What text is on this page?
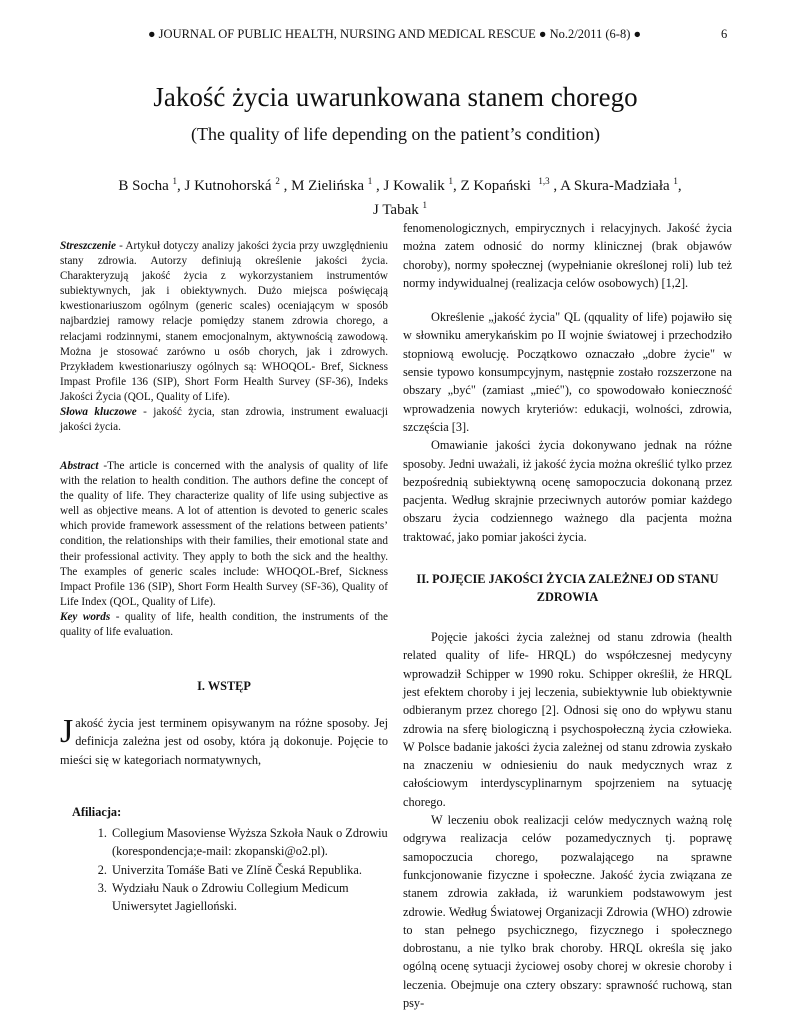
● JOURNAL OF PUBLIC HEALTH, NURSING AND MEDICAL RESCUE ● No.2/2011 (6-8) ●	6
Jakość życia uwarunkowana stanem chorego
(The quality of life depending on the patient’s condition)
B Socha $^1$, J Kutnohorská $^2$ , M Zielińska $^1$ , J Kowalik $^1$, Z Kopański $^{1,3}$ , A Skura-Madziała $^1$,
J Tabak $^1$

Streszczenie - Artykuł dotyczy analizy jakości życia przy uwzględnieniu stany zdrowia. Autorzy definiują określenie jakości życia. Charakteryzują jakość życia z wykorzystaniem instrumentów subiektywnych, jak i obiektywnych. Dużo miejsca poświęcają kwestionariuszom ogólnym (generic scales) oceniającym w sposób najbardziej ramowy relacje pomiędzy stanem zdrowia chorego, a relacjami rodzinnymi, stanem emocjonalnym, aktywnością zawodową. Można je stosować zarówno u osób chorych, jak i zdrowych. Przykładem kwestionariuszy ogólnych są: WHOQOL- Bref, Sickness Impast Profile 136 (SIP), Short Form Health Survey (SF-36), Indeks Jakości Życia (QOL, Quality of Life).

Słowa kluczowe - jakość życia, stan zdrowia, instrument ewaluacji jakości życia.

Abstract -The article is concerned with the analysis of quality of life with the relation to health condition. The authors define the concept of the quality of life. They characterize quality of life using subjective as well as objective means. A lot of attention is devoted to generic scales which provide framework assessment of the relations between patients’ condition, the relationships with their families, their emotional state and their professional activity. They apply to both the sick and the healthy. The examples of generic scales include: WHOQOL-Bref, Sickness Impact Profile 136 (SIP), Short Form Health Survey (SF-36), Quality of Life Index (QOL, Quality of Life).

Key words - quality of life, health condition, the instruments of the quality of life evaluation.

I. WSTĘP
Jakość życia jest terminem opisywanym na różne sposoby. Jej definicja zależna jest od osoby, która ją dokonuje. Pojęcie to mieści się w kategoriach normatywnych,
Afiliacja:
1. Collegium Masoviense Wyższa Szkoła Nauk o Zdrowiu (korespondencja;e-mail: zkopanski@o2.pl).
2. Univerzita Tomáše Bati ve Zlíně Česká Republika.
3. Wydziału Nauk o Zdrowiu Collegium Medicum Uniwersytet Jagielloński.

fenomenologicznych, empirycznych i relacyjnych. Jakość życia można zatem odnosić do normy klinicznej (brak objawów choroby), normy społecznej (wypełnianie określonej roli) lub też normy indywidualnej (realizacja celów osobowych) [1,2].

Określenie „jakość życia" QL (qquality of life) pojawiło się w słowniku amerykańskim po II wojnie światowej i przechodziło stopniową ewolucję. Początkowo oznaczało „dobre życie" w sensie typowo konsumpcyjnym, następnie zostało rozszerzone na obszary „być" (zamiast „mieć"), co spowodowało konieczność wprowadzenia nowych kryteriów: edukacji, wolności, zdrowia, szczęścia [3].

Omawianie jakości życia dokonywano jednak na różne sposoby. Jedni uważali, iż jakość życia można określić tylko przez bezpośrednią subiektywną ocenę samopoczucia dokonaną przez pacjenta. Według skrajnie przeciwnych autorów pomiar każdego obszaru życia codziennego ważnego dla pacjenta można traktować, jako pomiar jakości życia.

II. POJĘCIE JAKOŚCI ŻYCIA ZALEŻNEJ OD STANU ZDROWIA

Pojęcie jakości życia zależnej od stanu zdrowia (health related quality of life- HRQL) do współczesnej medycyny wprowadził Schipper w 1990 roku. Schipper określił, że HRQL jest efektem choroby i jej leczenia, subiektywnie lub obiektywnie odbieranym przez chorego [2]. Odnosi się ono do wpływu stanu zdrowia na sferę biologiczną i psychospołeczną życia człowieka. W Polsce badanie jakości życia zależnej od stanu zdrowia zyskało na znaczeniu w odniesieniu do nauk medycznych wraz z całościowym interdyscyplinarnym spojrzeniem na sytuację chorego.

W leczeniu obok realizacji celów medycznych ważną rolę odgrywa realizacja celów pozamedycznych tj. poprawę samopoczucia chorego, pozwalającego na sprawne funkcjonowanie fizyczne i społeczne. Jakość życia związana ze stanem zdrowia zakłada, iż warunkiem podstawowym jest zdrowie. Według Światowej Organizacji Zdrowia (WHO) zdrowie to stan pełnego psychicznego, fizycznego i społecznego dobrostanu, a nie tylko brak choroby. HRQL określa się jako ogólną ocenę sytuacji życiowej osoby chorej w okresie choroby i leczenia. Obejmuje ona cztery obszary: sprawność ruchową, stan psy-
